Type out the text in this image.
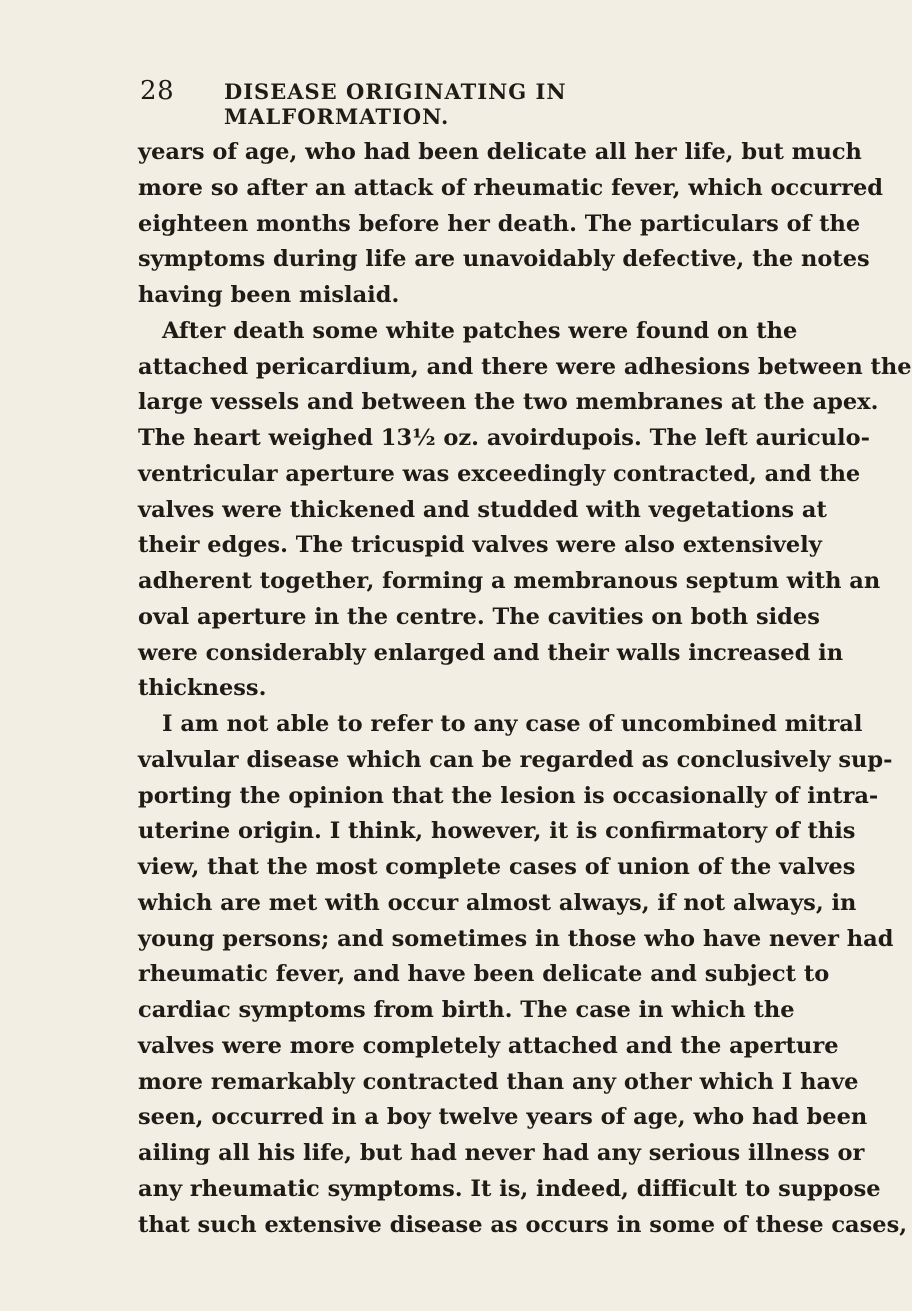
28 DISEASE ORIGINATING IN MALFORMATION.
years of age, who had been delicate all her life, but much
more so after an attack of rheumatic fever, which occurred
eighteen months before her death. The particulars of the
symptoms during life are unavoidably defective, the notes
having been mislaid.
After death some white patches were found on the
attached pericardium, and there were adhesions between the
large vessels and between the two membranes at the apex.
The heart weighed 13½ oz. avoirdupois. The left auriculo-
ventricular aperture was exceedingly contracted, and the
valves were thickened and studded with vegetations at
their edges. The tricuspid valves were also extensively
adherent together, forming a membranous septum with an
oval aperture in the centre. The cavities on both sides
were considerably enlarged and their walls increased in
thickness.
I am not able to refer to any case of uncombined mitral
valvular disease which can be regarded as conclusively sup-
porting the opinion that the lesion is occasionally of intra-
uterine origin. I think, however, it is confirmatory of this
view, that the most complete cases of union of the valves
which are met with occur almost always, if not always, in
young persons; and sometimes in those who have never had
rheumatic fever, and have been delicate and subject to
cardiac symptoms from birth. The case in which the
valves were more completely attached and the aperture
more remarkably contracted than any other which I have
seen, occurred in a boy twelve years of age, who had been
ailing all his life, but had never had any serious illness or
any rheumatic symptoms. It is, indeed, difficult to suppose
that such extensive disease as occurs in some of these cases,
